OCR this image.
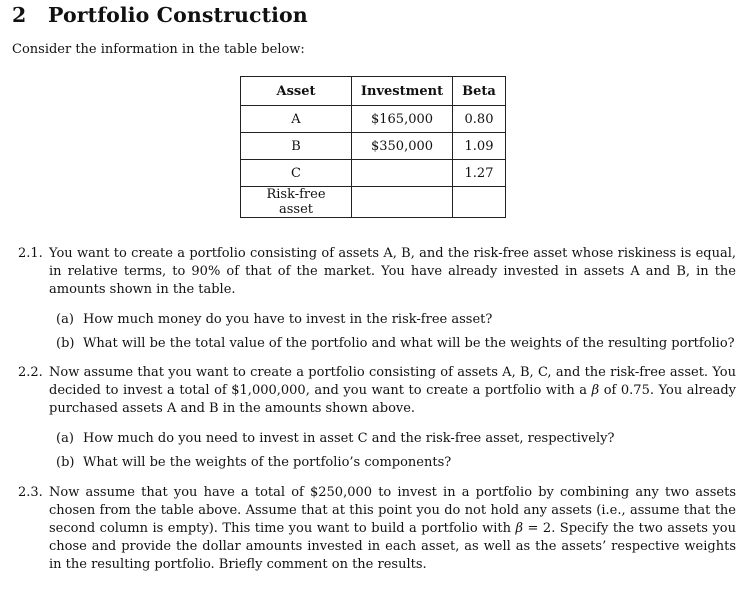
2 Portfolio Construction
Consider the information in the table below:
Asset	Investment	Beta
A	$165,000	0.80
B	$350,000	1.09
C		1.27
Risk-free asset		
2.1. You want to create a portfolio consisting of assets A, B, and the risk-free asset whose riskiness is equal, in relative terms, to 90% of that of the market. You have already invested in assets A and B, in the amounts shown in the table.
(a) How much money do you have to invest in the risk-free asset?
(b) What will be the total value of the portfolio and what will be the weights of the resulting portfolio?
2.2. Now assume that you want to create a portfolio consisting of assets A, B, C, and the risk-free asset. You decided to invest a total of $1,000,000, and you want to create a portfolio with a β of 0.75. You already purchased assets A and B in the amounts shown above.
(a) How much do you need to invest in asset C and the risk-free asset, respectively?
(b) What will be the weights of the portfolio’s components?
2.3. Now assume that you have a total of $250,000 to invest in a portfolio by combining any two assets chosen from the table above. Assume that at this point you do not hold any assets (i.e., assume that the second column is empty). This time you want to build a portfolio with β = 2. Specify the two assets you chose and provide the dollar amounts invested in each asset, as well as the assets’ respective weights in the resulting portfolio. Briefly comment on the results.
